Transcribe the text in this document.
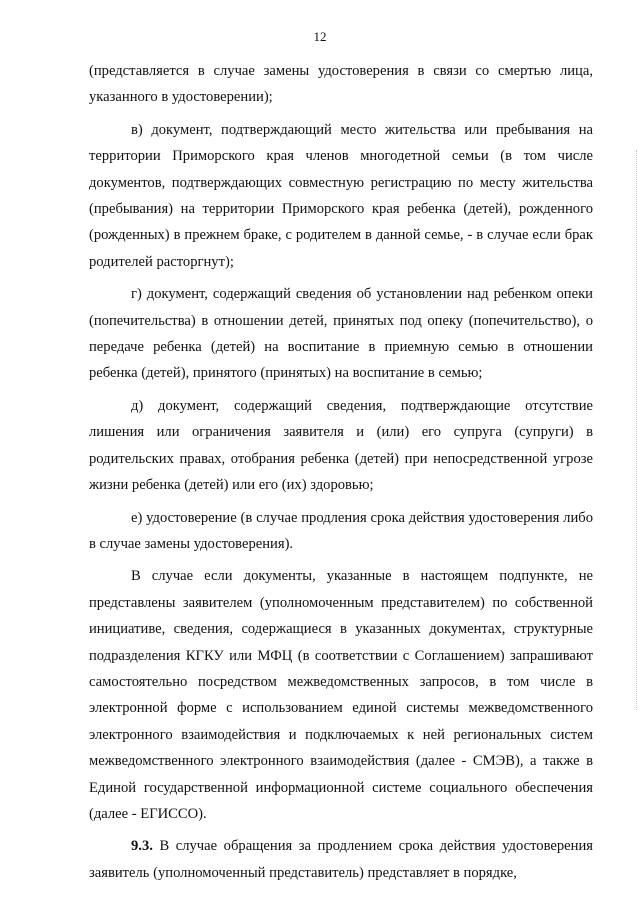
12

(представляется в случае замены удостоверения в связи со смертью лица, указанного в удостоверении);

в) документ, подтверждающий место жительства или пребывания на территории Приморского края членов многодетной семьи (в том числе документов, подтверждающих совместную регистрацию по месту жительства (пребывания) на территории Приморского края ребенка (детей), рожденного (рожденных) в прежнем браке, с родителем в данной семье, - в случае если брак родителей расторгнут);

г) документ, содержащий сведения об установлении над ребенком опеки (попечительства) в отношении детей, принятых под опеку (попечительство), о передаче ребенка (детей) на воспитание в приемную семью в отношении ребенка (детей), принятого (принятых) на воспитание в семью;

д) документ, содержащий сведения, подтверждающие отсутствие лишения или ограничения заявителя и (или) его супруга (супруги) в родительских правах, отобрания ребенка (детей) при непосредственной угрозе жизни ребенка (детей) или его (их) здоровью;

е) удостоверение (в случае продления срока действия удостоверения либо в случае замены удостоверения).

В случае если документы, указанные в настоящем подпункте, не представлены заявителем (уполномоченным представителем) по собственной инициативе, сведения, содержащиеся в указанных документах, структурные подразделения КГКУ или МФЦ (в соответствии с Соглашением) запрашивают самостоятельно посредством межведомственных запросов, в том числе в электронной форме с использованием единой системы межведомственного электронного взаимодействия и подключаемых к ней региональных систем межведомственного электронного взаимодействия (далее - СМЭВ), а также в Единой государственной информационной системе социального обеспечения (далее - ЕГИССО).

9.3. В случае обращения за продлением срока действия удостоверения заявитель (уполномоченный представитель) представляет в порядке,
